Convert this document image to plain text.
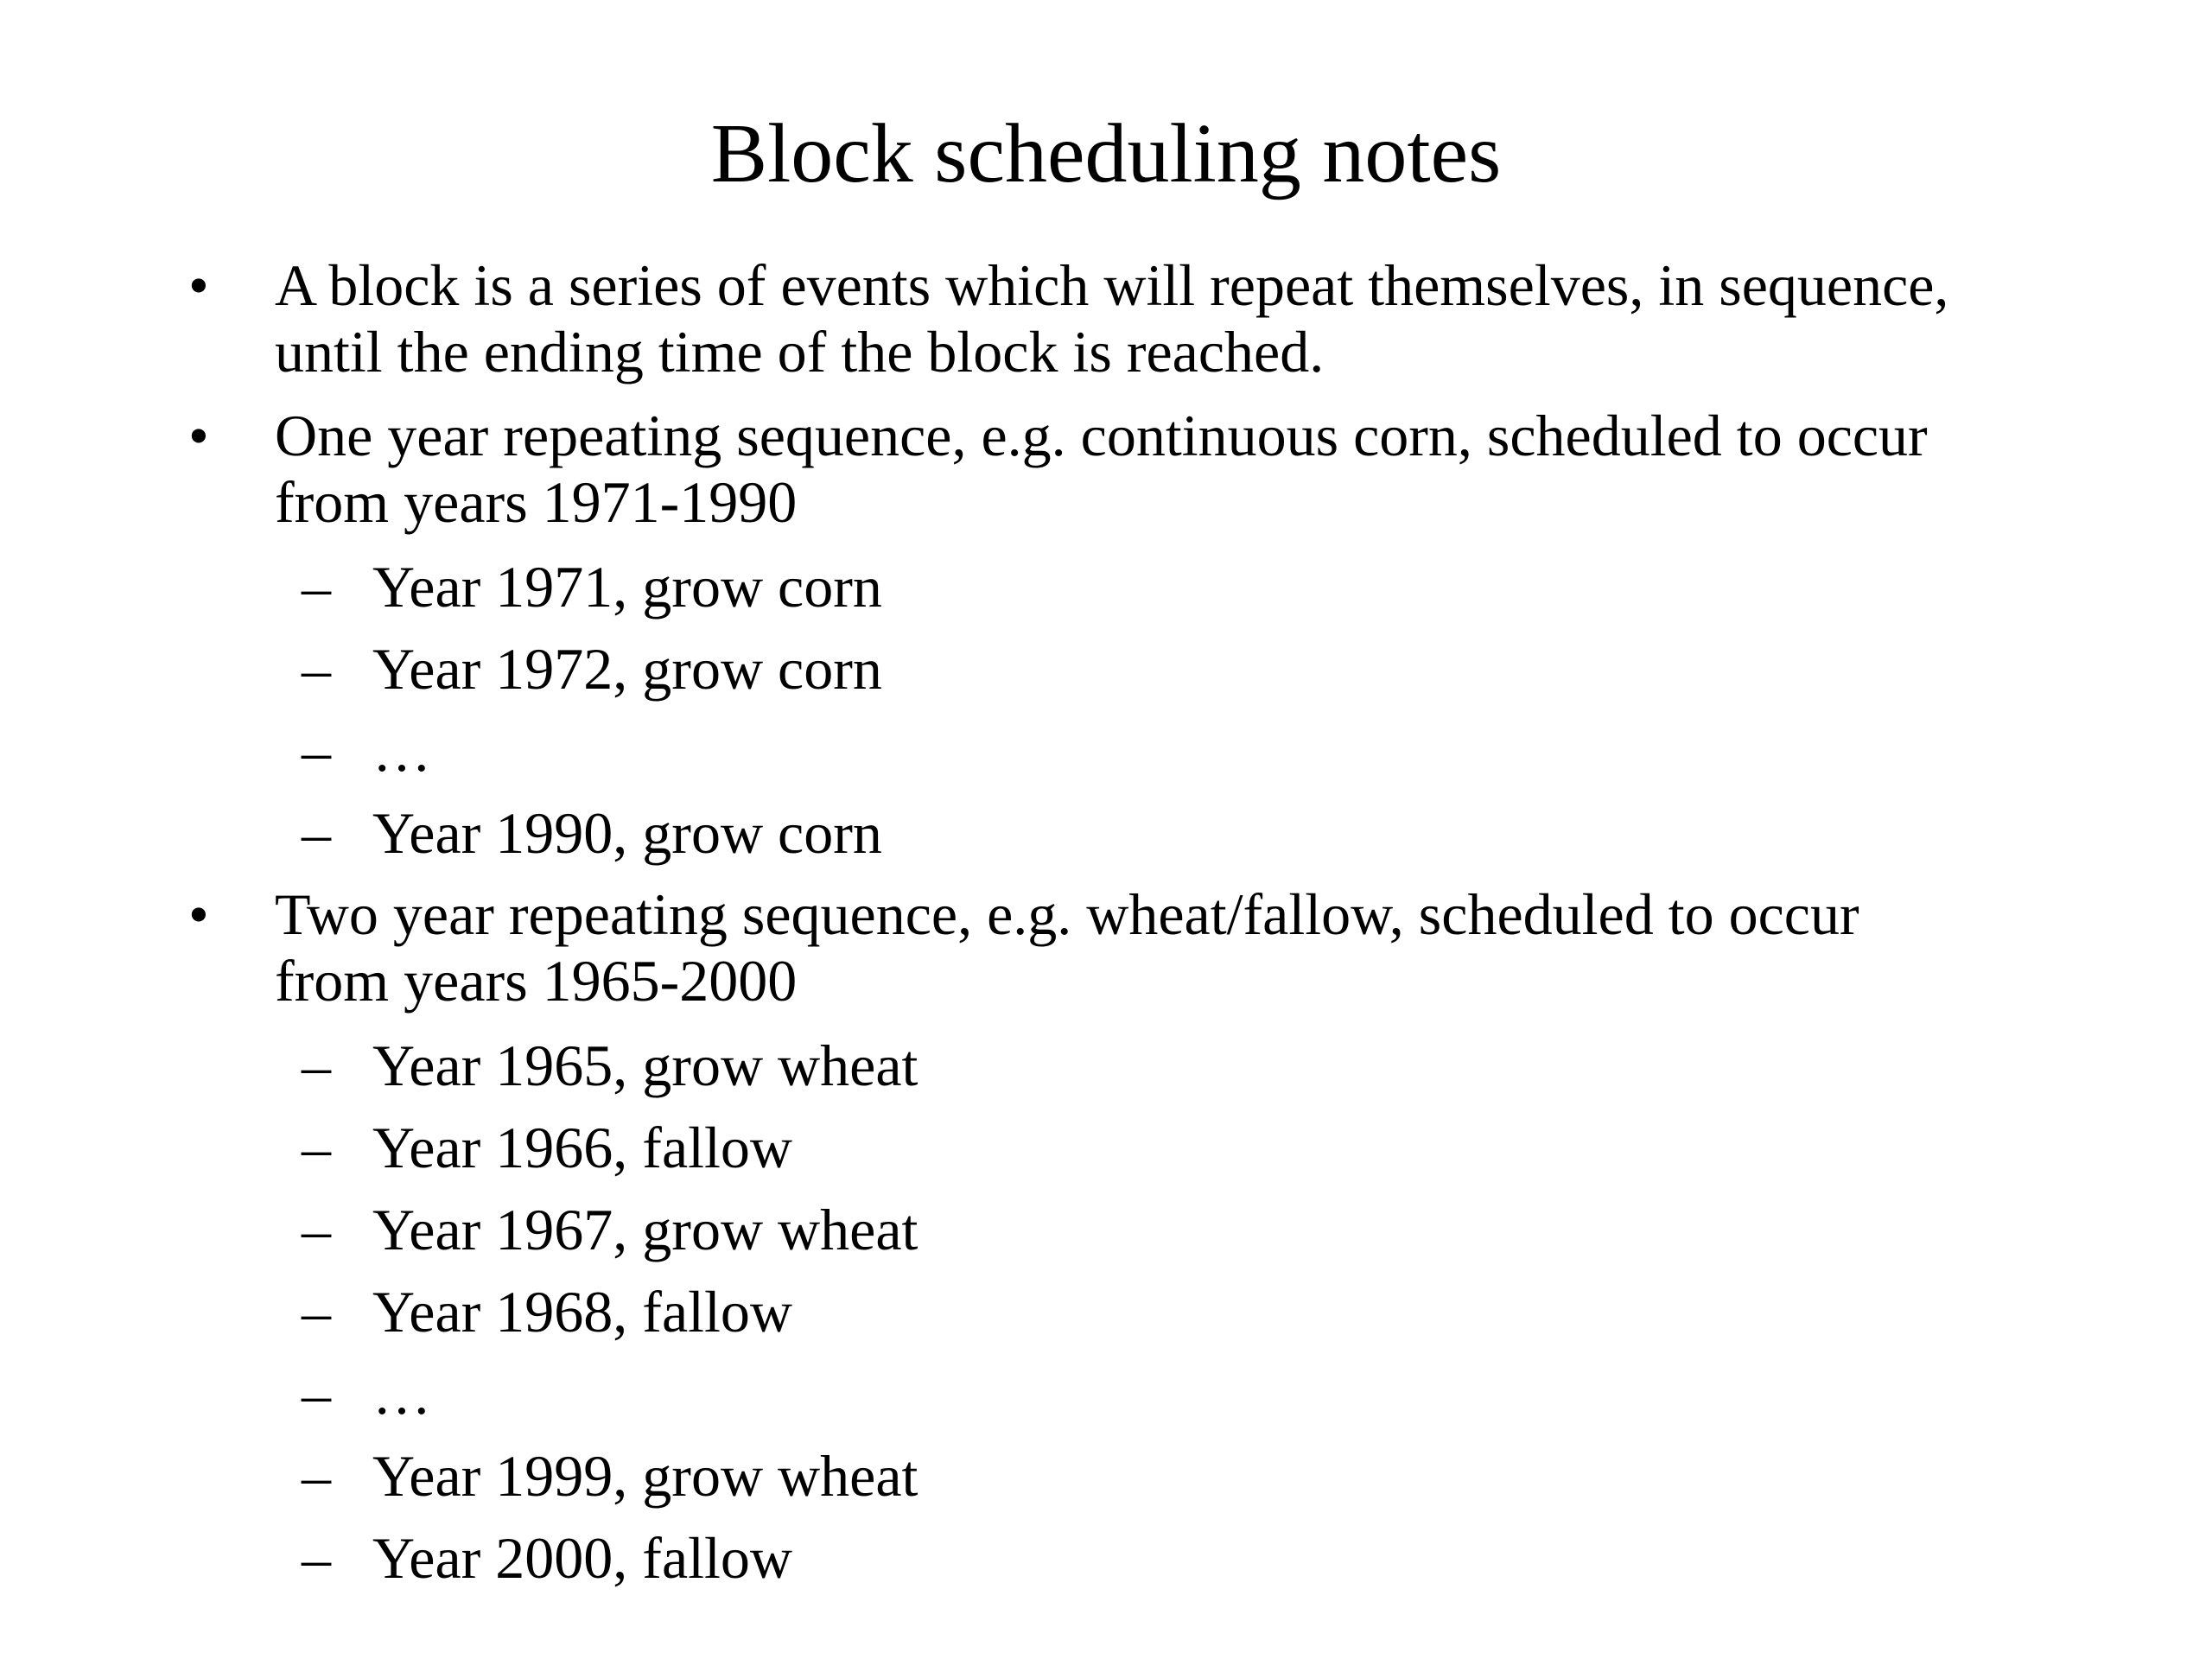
Block scheduling notes
• A block is a series of events which will repeat themselves, in sequence,
until the ending time of the block is reached.
• One year repeating sequence, e.g. continuous corn, scheduled to occur
from years 1971-1990
– Year 1971, grow corn
– Year 1972, grow corn
– …
– Year 1990, grow corn
• Two year repeating sequence, e.g. wheat/fallow, scheduled to occur
from years 1965-2000
– Year 1965, grow wheat
– Year 1966, fallow
– Year 1967, grow wheat
– Year 1968, fallow
– …
– Year 1999, grow wheat
– Year 2000, fallow
